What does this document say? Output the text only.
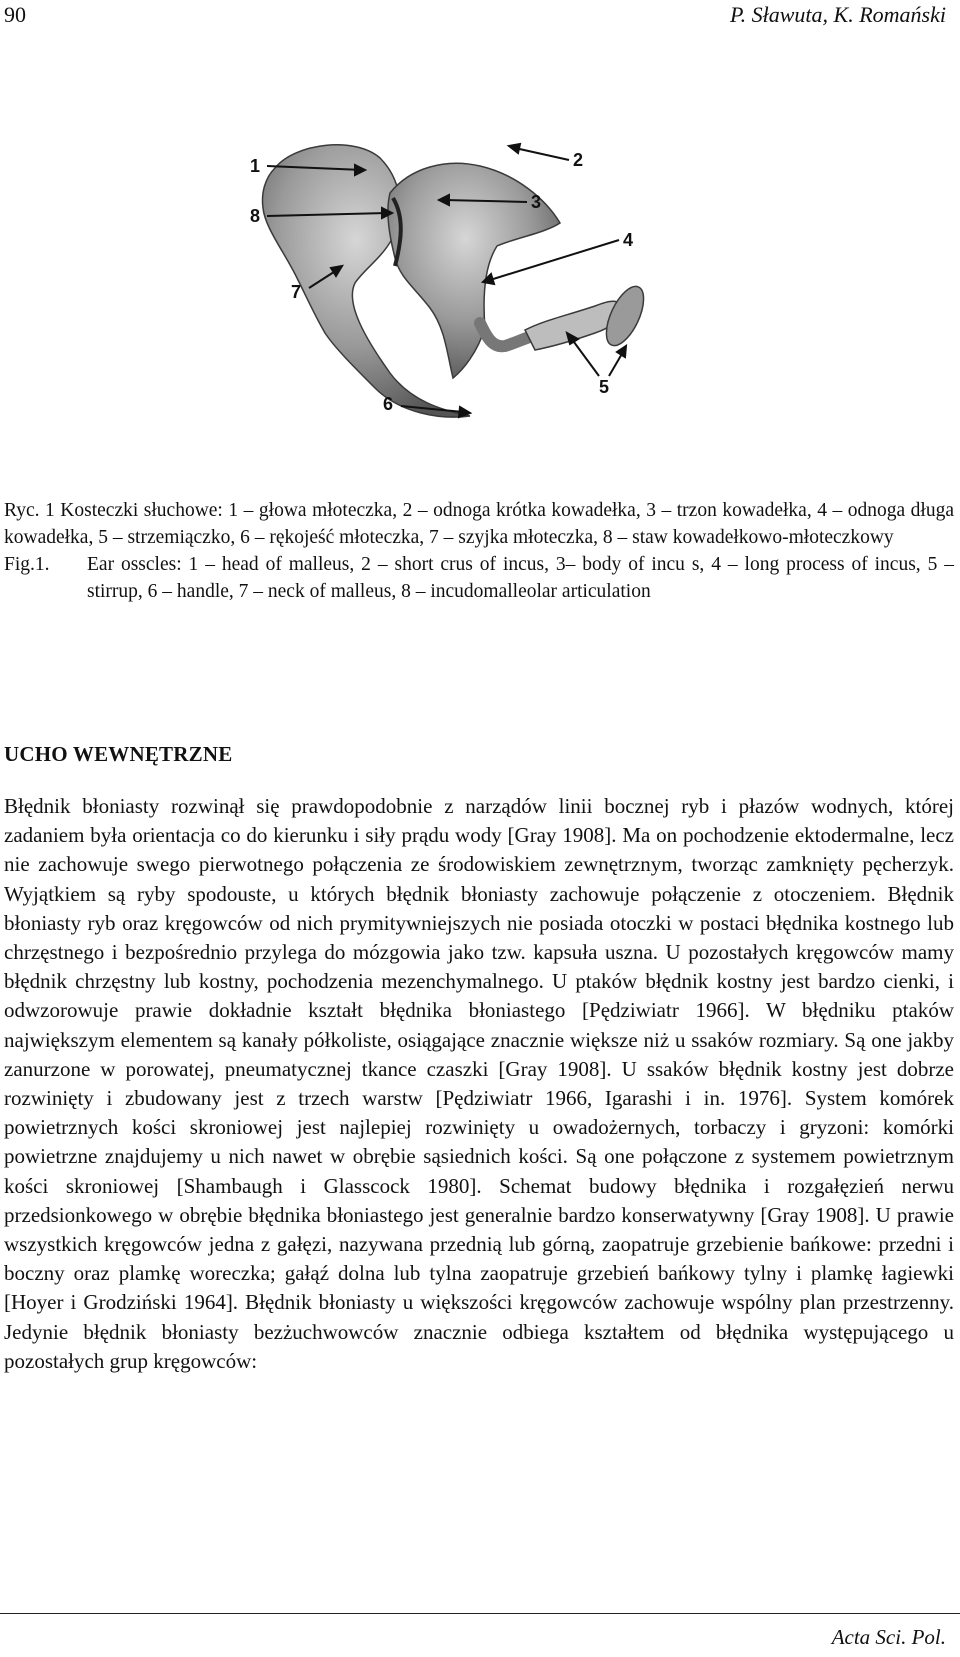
90	P. Sławuta, K. Romański
1	2
3
4
5
6
7
8

Ryc. 1 Kosteczki słuchowe: 1 – głowa młoteczka, 2 – odnoga krótka kowadełka, 3 – trzon kowadełka, 4 – odnoga długa kowadełka, 5 – strzemiączko, 6 – rękojeść młoteczka, 7 – szyjka młoteczka, 8 – staw kowadełkowo-młoteczkowy

Fig.1.	Ear osscles: 1 – head of malleus, 2 – short crus of incus, 3– body of incu s, 4 – long process of incus, 5 – stirrup, 6 – handle, 7 – neck of malleus, 8 – incudomalleolar articulation

UCHO WEWNĘTRZNE

Błędnik błoniasty rozwinął się prawdopodobnie z narządów linii bocznej ryb i płazów wodnych, której zadaniem była orientacja co do kierunku i siły prądu wody [Gray 1908]. Ma on pochodzenie ektodermalne, lecz nie zachowuje swego pierwotnego połączenia ze środowiskiem zewnętrznym, tworząc zamknięty pęcherzyk. Wyjątkiem są ryby spodouste, u których błędnik błoniasty zachowuje połączenie z otoczeniem. Błędnik błoniasty ryb oraz kręgowców od nich prymitywniejszych nie posiada otoczki w postaci błędnika kostnego lub chrzęstnego i bezpośrednio przylega do mózgowia jako tzw. kapsuła uszna. U pozostałych kręgowców mamy błędnik chrzęstny lub kostny, pochodzenia mezenchymalnego. U ptaków błędnik kostny jest bardzo cienki, i odwzorowuje prawie dokładnie kształt błędnika błoniastego [Pędziwiatr 1966]. W błędniku ptaków największym elementem są kanały półkoliste, osiągające znacznie większe niż u ssaków rozmiary. Są one jakby zanurzone w porowatej, pneumatycznej tkance czaszki [Gray 1908]. U ssaków błędnik kostny jest dobrze rozwinięty i zbudowany jest z trzech warstw [Pędziwiatr 1966, Igarashi i in. 1976]. System komórek powietrznych kości skroniowej jest najlepiej rozwinięty u owadożernych, torbaczy i gryzoni: komórki powietrzne znajdujemy u nich nawet w obrębie sąsiednich kości. Są one połączone z systemem powietrznym kości skroniowej [Shambaugh i Glasscock 1980]. Schemat budowy błędnika i rozgałęzień nerwu przedsionkowego w obrębie błędnika błoniastego jest generalnie bardzo konserwatywny [Gray 1908]. U prawie wszystkich kręgowców jedna z gałęzi, nazywana przednią lub górną, zaopatruje grzebienie bańkowe: przedni i boczny oraz plamkę woreczka; gałąź dolna lub tylna zaopatruje grzebień bańkowy tylny i plamkę łagiewki [Hoyer i Grodziński 1964]. Błędnik błoniasty u większości kręgowców zachowuje wspólny plan przestrzenny. Jedynie błędnik błoniasty bezżuchwowców znacznie odbiega kształtem od błędnika występującego u pozostałych grup kręgowców:

Acta Sci. Pol.
